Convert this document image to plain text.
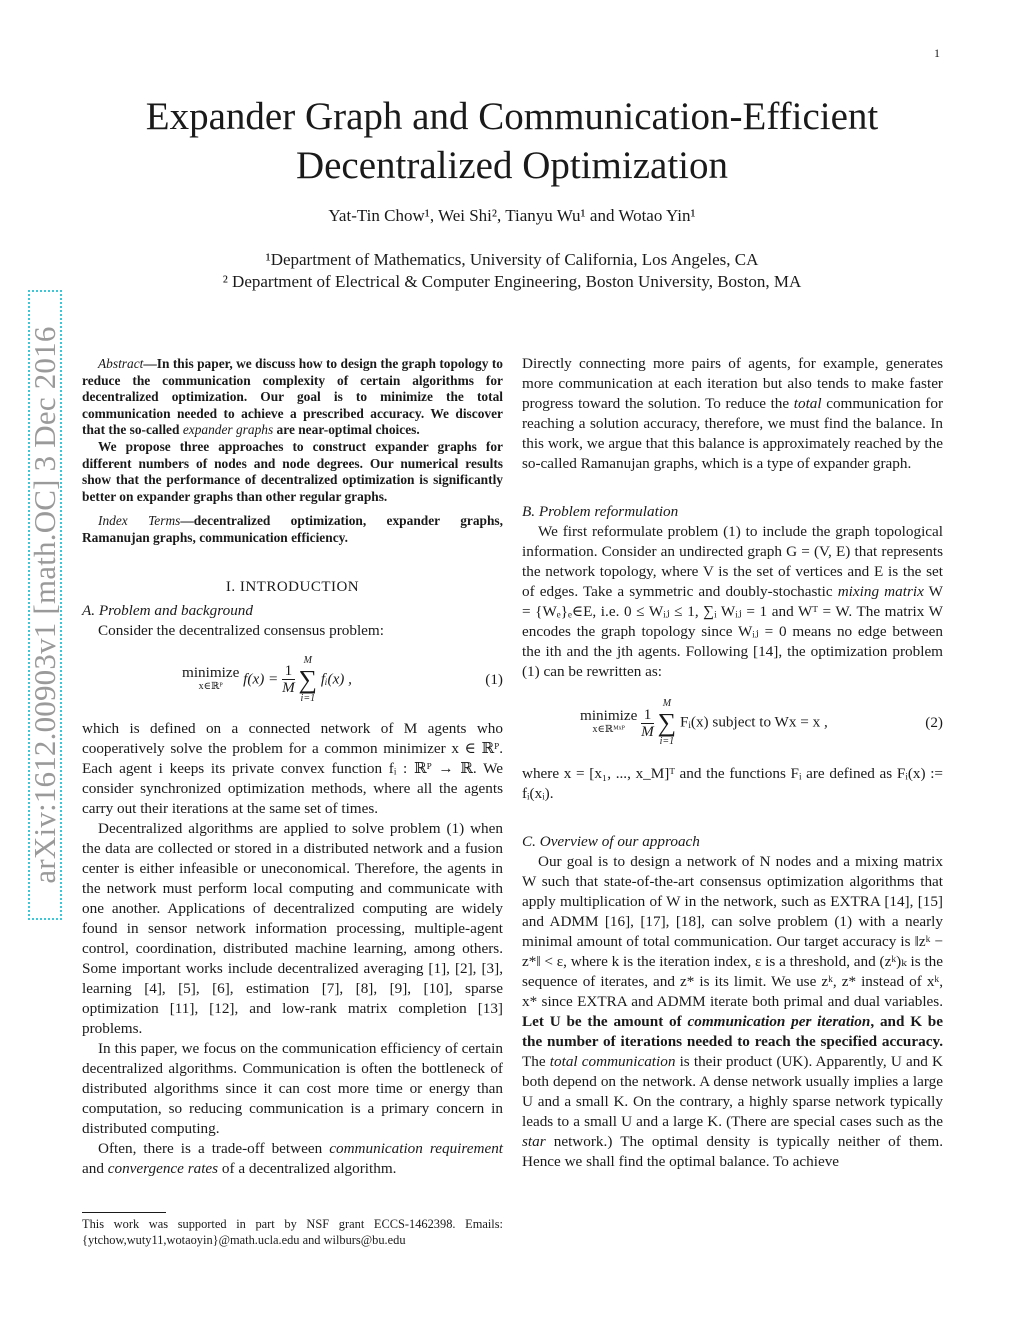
1
Expander Graph and Communication-Efficient
Decentralized Optimization
Yat-Tin Chow¹, Wei Shi², Tianyu Wu¹ and Wotao Yin¹
¹Department of Mathematics, University of California, Los Angeles, CA
² Department of Electrical & Computer Engineering, Boston University, Boston, MA
arXiv:1612.00903v1 [math.OC] 3 Dec 2016	Abstract—In this paper, we discuss how to design the graph topology to reduce the communication complexity of certain algorithms for decentralized optimization. Our goal is to minimize the total communication needed to achieve a prescribed accuracy. We discover that the so-called expander graphs are near-optimal choices.

We propose three approaches to construct expander graphs for different numbers of nodes and node degrees. Our numerical results show that the performance of decentralized optimization is significantly better on expander graphs than other regular graphs.

Index Terms—decentralized optimization, expander graphs, Ramanujan graphs, communication efficiency.

I. INTRODUCTION
A. Problem and background

Consider the decentralized consensus problem:

minimize
x∈ℝᴾ	$f(x) = \frac{1}{M}$
M
∑
i=1 fᵢ(x) ,	(1)

which is defined on a connected network of M agents who cooperatively solve the problem for a common minimizer x ∈ ℝᴾ. Each agent i keeps its private convex function fᵢ : ℝᴾ → ℝ. We consider synchronized optimization methods, where all the agents carry out their iterations at the same set of times.

Decentralized algorithms are applied to solve problem (1) when the data are collected or stored in a distributed network and a fusion center is either infeasible or uneconomical. Therefore, the agents in the network must perform local computing and communicate with one another. Applications of decentralized computing are widely found in sensor network information processing, multiple-agent control, coordination, distributed machine learning, among others. Some important works include decentralized averaging [1], [2], [3], learning [4], [5], [6], estimation [7], [8], [9], [10], sparse optimization [11], [12], and low-rank matrix completion [13] problems.

In this paper, we focus on the communication efficiency of certain decentralized algorithms. Communication is often the bottleneck of distributed algorithms since it can cost more time or energy than computation, so reducing communication is a primary concern in distributed computing.

Often, there is a trade-off between communication requirement and convergence rates of a decentralized algorithm.

This work was supported in part by NSF grant ECCS-1462398. Emails: {ytchow,wuty11,wotaoyin}@math.ucla.edu and wilburs@bu.edu

Directly connecting more pairs of agents, for example, generates more communication at each iteration but also tends to make faster progress toward the solution. To reduce the total communication for reaching a solution accuracy, therefore, we must find the balance. In this work, we argue that this balance is approximately reached by the so-called Ramanujan graphs, which is a type of expander graph.

B. Problem reformulation

We first reformulate problem (1) to include the graph topological information. Consider an undirected graph G = (V, E) that represents the network topology, where V is the set of vertices and E is the set of edges. Take a symmetric and doubly-stochastic mixing matrix W = {Wₑ}ₑ∈E, i.e. 0 ≤ Wᵢⱼ ≤ 1, ∑ᵢ Wᵢⱼ = 1 and Wᵀ = W. The matrix W encodes the graph topology since Wᵢⱼ = 0 means no edge between the ith and the jth agents. Following [14], the optimization problem (1) can be rewritten as:

minimize
x∈ℝᴹˣᴾ
	$\frac{1}{M}$
M
∑
i=1 Fᵢ(x) subject to Wx = x ,	(2)

where x = [x₁, ..., x_M]ᵀ and the functions Fᵢ are defined as Fᵢ(x) := fᵢ(xᵢ).

C. Overview of our approach

Our goal is to design a network of N nodes and a mixing matrix W such that state-of-the-art consensus optimization algorithms that apply multiplication of W in the network, such as EXTRA [14], [15] and ADMM [16], [17], [18], can solve problem (1) with a nearly minimal amount of total communication. Our target accuracy is ‖zᵏ − z*‖ < ε, where k is the iteration index, ε is a threshold, and (zᵏ)ₖ is the sequence of iterates, and z* is its limit. We use zᵏ, z* instead of xᵏ, x* since EXTRA and ADMM iterate both primal and dual variables. Let U be the amount of communication per iteration, and K be the number of iterations needed to reach the specified accuracy. The total communication is their product (UK). Apparently, U and K both depend on the network. A dense network usually implies a large U and a small K. On the contrary, a highly sparse network typically leads to a small U and a large K. (There are special cases such as the star network.) The optimal density is typically neither of them. Hence we shall find the optimal balance. To achieve
